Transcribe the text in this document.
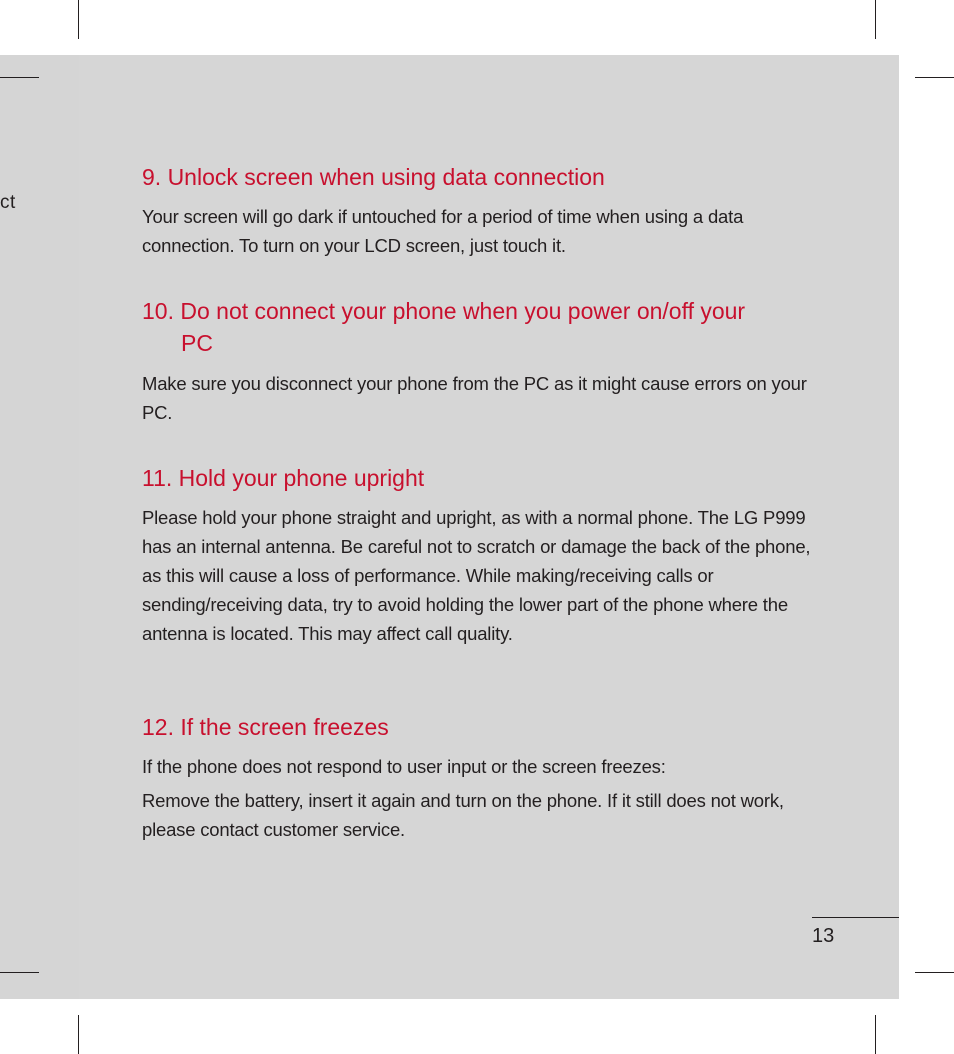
ct
9. Unlock screen when using data connection

Your screen will go dark if untouched for a period of time when using a data connection. To turn on your LCD screen, just touch it.

10. Do not connect your phone when you power on/off your
PC

Make sure you disconnect your phone from the PC as it might cause errors on your PC.

11. Hold your phone upright

Please hold your phone straight and upright, as with a normal phone. The LG P999 has an internal antenna. Be careful not to scratch or damage the back of the phone, as this will cause a loss of performance. While making/receiving calls or sending/receiving data, try to avoid holding the lower part of the phone where the antenna is located. This may affect call quality.

12. If the screen freezes

If the phone does not respond to user input or the screen freezes:

Remove the battery, insert it again and turn on the phone. If it still does not work, please contact customer service.

13
